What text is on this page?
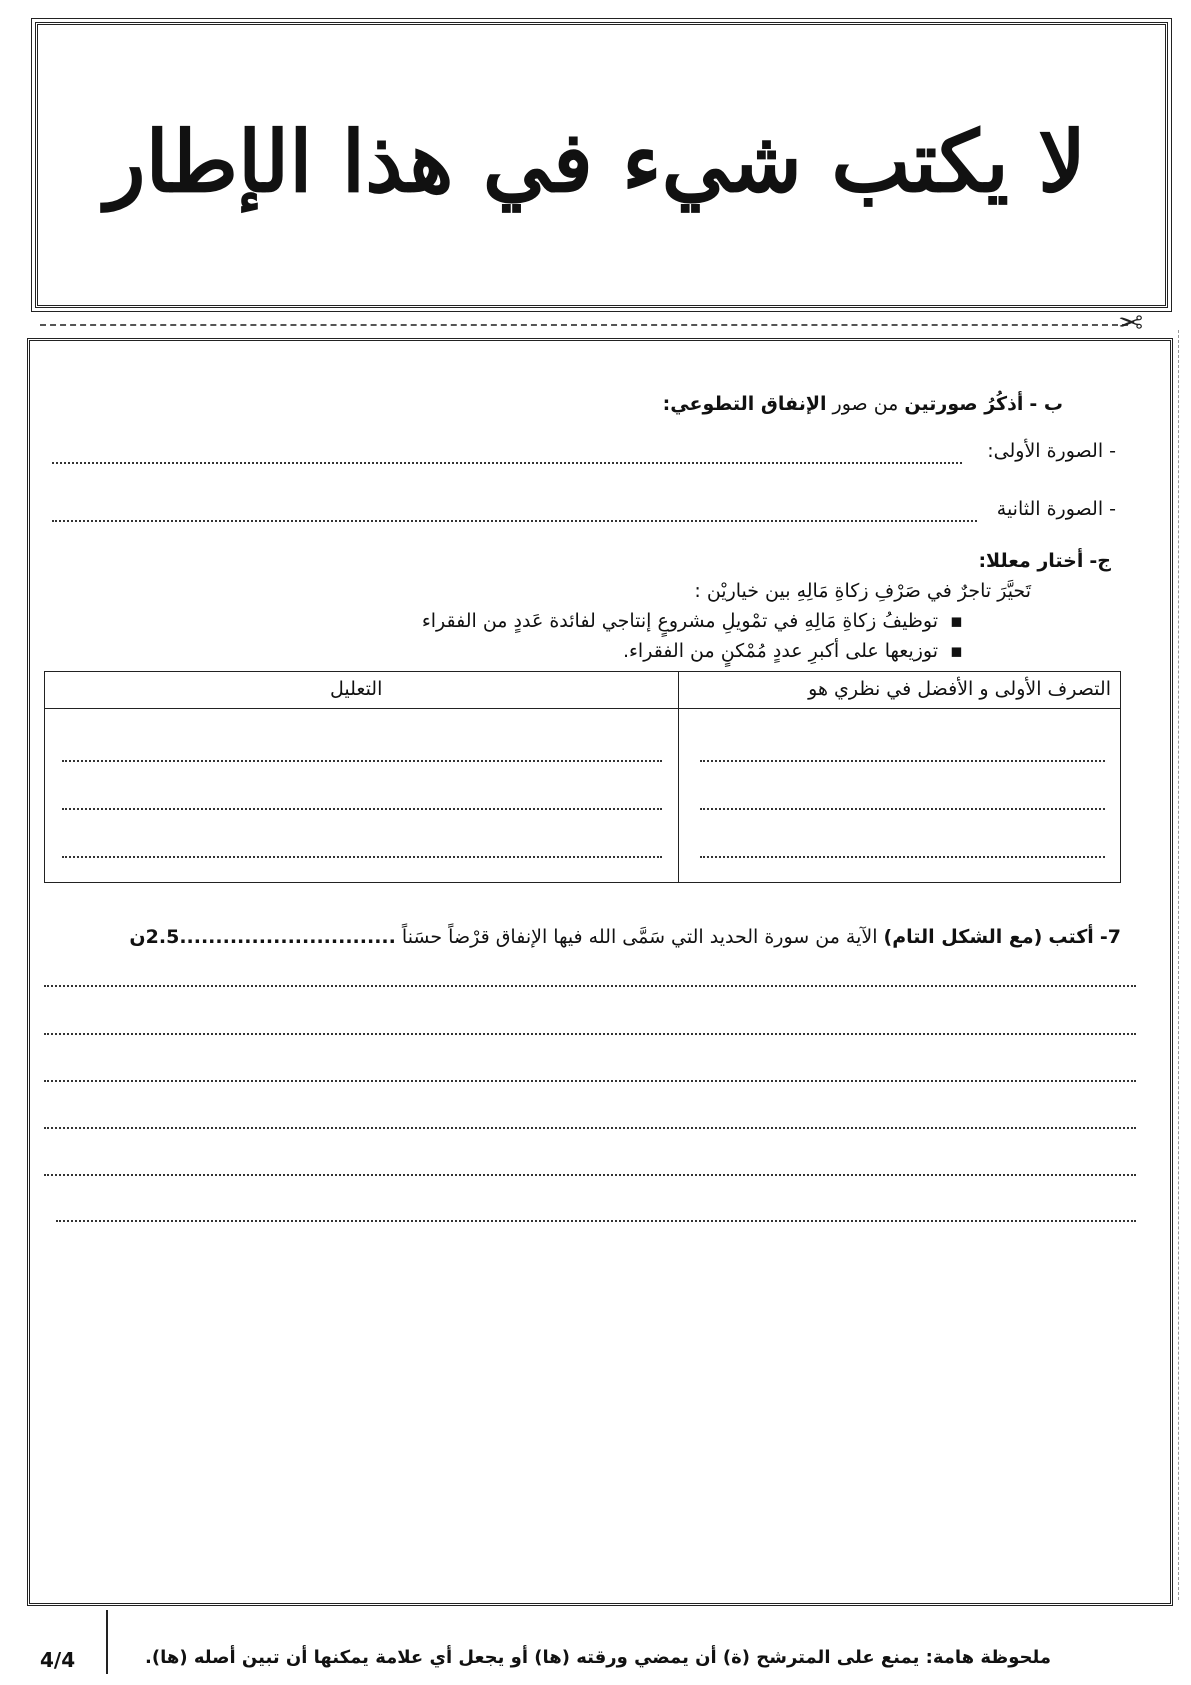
لا يكتب شيء في هذا الإطار
✂
ب - أذكُرُ صورتين من صور الإنفاق التطوعي:
- الصورة الأولى:
- الصورة الثانية
ج- أختار معللا:
تَحيَّرَ تاجرٌ في صَرْفِ زكاةِ مَالِهِ بين خياريْن :
▪  توظيفُ زكاةِ مَالِهِ في تمْويلِ مشروعٍ إنتاجي لفائدة عَددٍ من الفقراء
▪  توزيعها على أكبرِ عددٍ مُمْكنٍ من الفقراء.
التصرف الأولى و الأفضل في نظري هو
التعليل
7- أكتب (مع الشكل التام) الآية من سورة الحديد التي سَمَّى الله فيها الإنفاق قرْضاً حسَناً ..............................2.5ن
4/4	ملحوظة هامة: يمنع على المترشح (ة) أن يمضي ورقته (ها) أو يجعل أي علامة يمكنها أن تبين أصله (ها).
